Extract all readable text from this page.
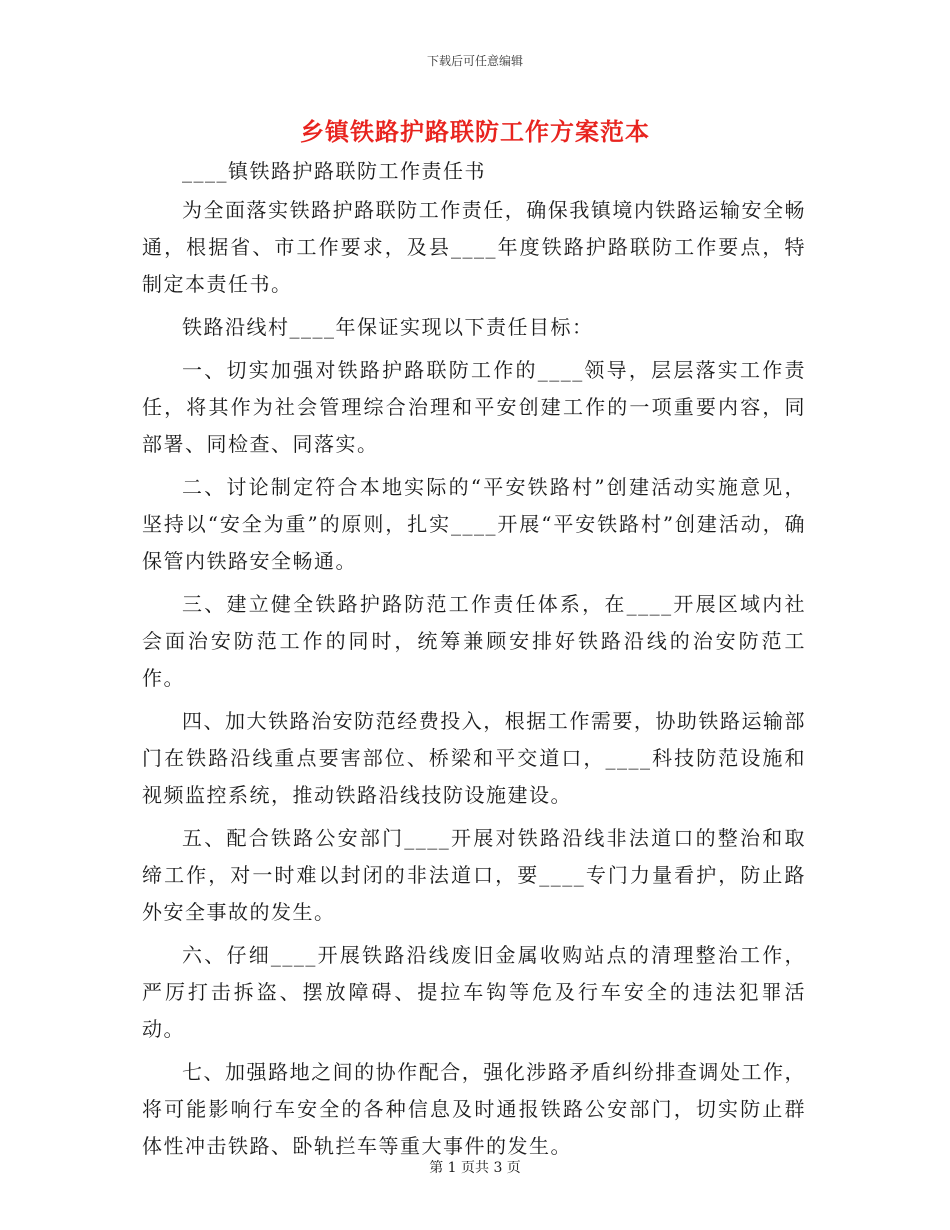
下载后可任意编辑
乡镇铁路护路联防工作方案范本

____镇铁路护路联防工作责任书

为全面落实铁路护路联防工作责任，确保我镇境内铁路运输安全畅通，根据省、市工作要求，及县____年度铁路护路联防工作要点，特制定本责任书。

铁路沿线村____年保证实现以下责任目标：

一、切实加强对铁路护路联防工作的____领导，层层落实工作责任，将其作为社会管理综合治理和平安创建工作的一项重要内容，同部署、同检查、同落实。

二、讨论制定符合本地实际的“平安铁路村”创建活动实施意见，坚持以“安全为重”的原则，扎实____开展“平安铁路村”创建活动，确保管内铁路安全畅通。

三、建立健全铁路护路防范工作责任体系，在____开展区域内社会面治安防范工作的同时，统筹兼顾安排好铁路沿线的治安防范工作。

四、加大铁路治安防范经费投入，根据工作需要，协助铁路运输部门在铁路沿线重点要害部位、桥梁和平交道口，____科技防范设施和视频监控系统，推动铁路沿线技防设施建设。

五、配合铁路公安部门____开展对铁路沿线非法道口的整治和取缔工作，对一时难以封闭的非法道口，要____专门力量看护，防止路外安全事故的发生。

六、仔细____开展铁路沿线废旧金属收购站点的清理整治工作，严厉打击拆盗、摆放障碍、提拉车钩等危及行车安全的违法犯罪活动。

七、加强路地之间的协作配合，强化涉路矛盾纠纷排查调处工作，将可能影响行车安全的各种信息及时通报铁路公安部门，切实防止群体性冲击铁路、卧轨拦车等重大事件的发生。

第 1 页共 3 页
